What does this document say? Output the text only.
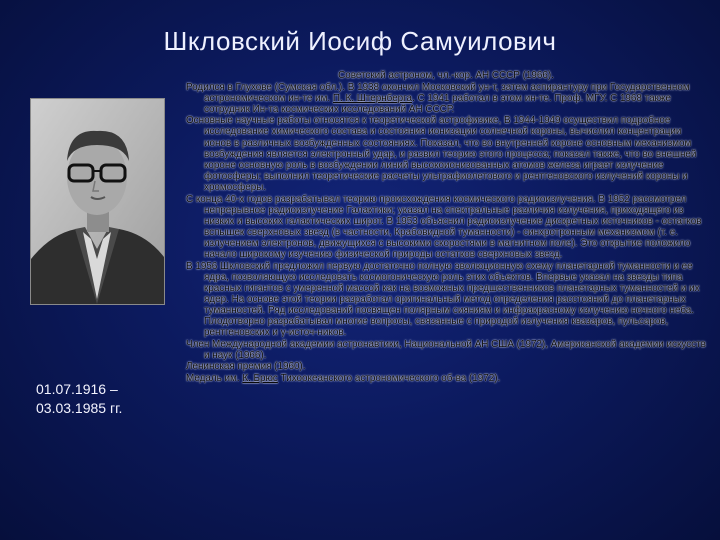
Шкловский Иосиф Самуилович
01.07.1916 –
03.03.1985 гг.

Советский астроном, чл.-кор. АН СССР (1966).

Родился в Глухове (Сумская обл.). В 1938 окончил Московский ун-т, затем аспирантуру при Государственном астрономическом ин-те им. П. К. Штернберга. С 1941 работал в этом ин-те. Проф. МГУ. С 1968 также сотрудник Ин-та космических исследований АН СССР.

Основные научные работы относятся к теоретической астрофизике, В 1944-1949 осуществил подробное исследование химического состава и состояния ионизации солнечной короны, вычислил концентрации ионов в различных возбужденных состояниях. Показал, что во внутренней короне основным механизмом возбуждения является электронный удар, и развил теорию этого процесса; показал также, что во внешней короне основную роль в возбуждении линий высокоионизованных атомов железа играет излучение фотосферы; выполнил теоретические расчеты ультрафиолетового и рентгеновского излучений короны и хромосферы.

С конца 40-х годов разрабатывал теорию происхождения космического радиоизлучения. В 1952 рассмотрел непрерывное радиоизлучение Галактики; указал на спектральные различия излучения, приходящего из низких и высоких галактических широт. В 1953 объяснил радиоизлучение дискретных источников - остатков вспышек сверхновых звезд (в частности, Крабовидной туманности) - синхротронным механизмом (т. е. излучением электронов, движущихся с высокими скоростями в магнитном поле). Это открытие положило начало широкому изучению физической природы остатков сверхновых звезд.

В 1956 Шкловский предложил первую достаточно полную эволюционную схему планетарной туманности и ее ядра, позволяющую исследовать космогоническую роль этих объектов. Впервые указал на звезды типа красных гигантов с умеренной массой как на возможных предшественников планетарных туманностей и их ядер. На основе этой теории разработал оригинальный метод определения расстояний до планетарных туманностей. Ряд исследований посвящен полярным сияниям и инфракрасному излучению ночного неба. Плодотворно разрабатывал многие вопросы, связанные с природой излучения квазаров, пульсаров, рентгеновских и γ-источ-ников.

Член Международной академии астронавтики, Национальной АН США (1972), Американской академии искусств и наук (1966).

Ленинская премия (1960).

Медаль им. К. Брюс Тихоокеанского астрономического об-ва (1972).
